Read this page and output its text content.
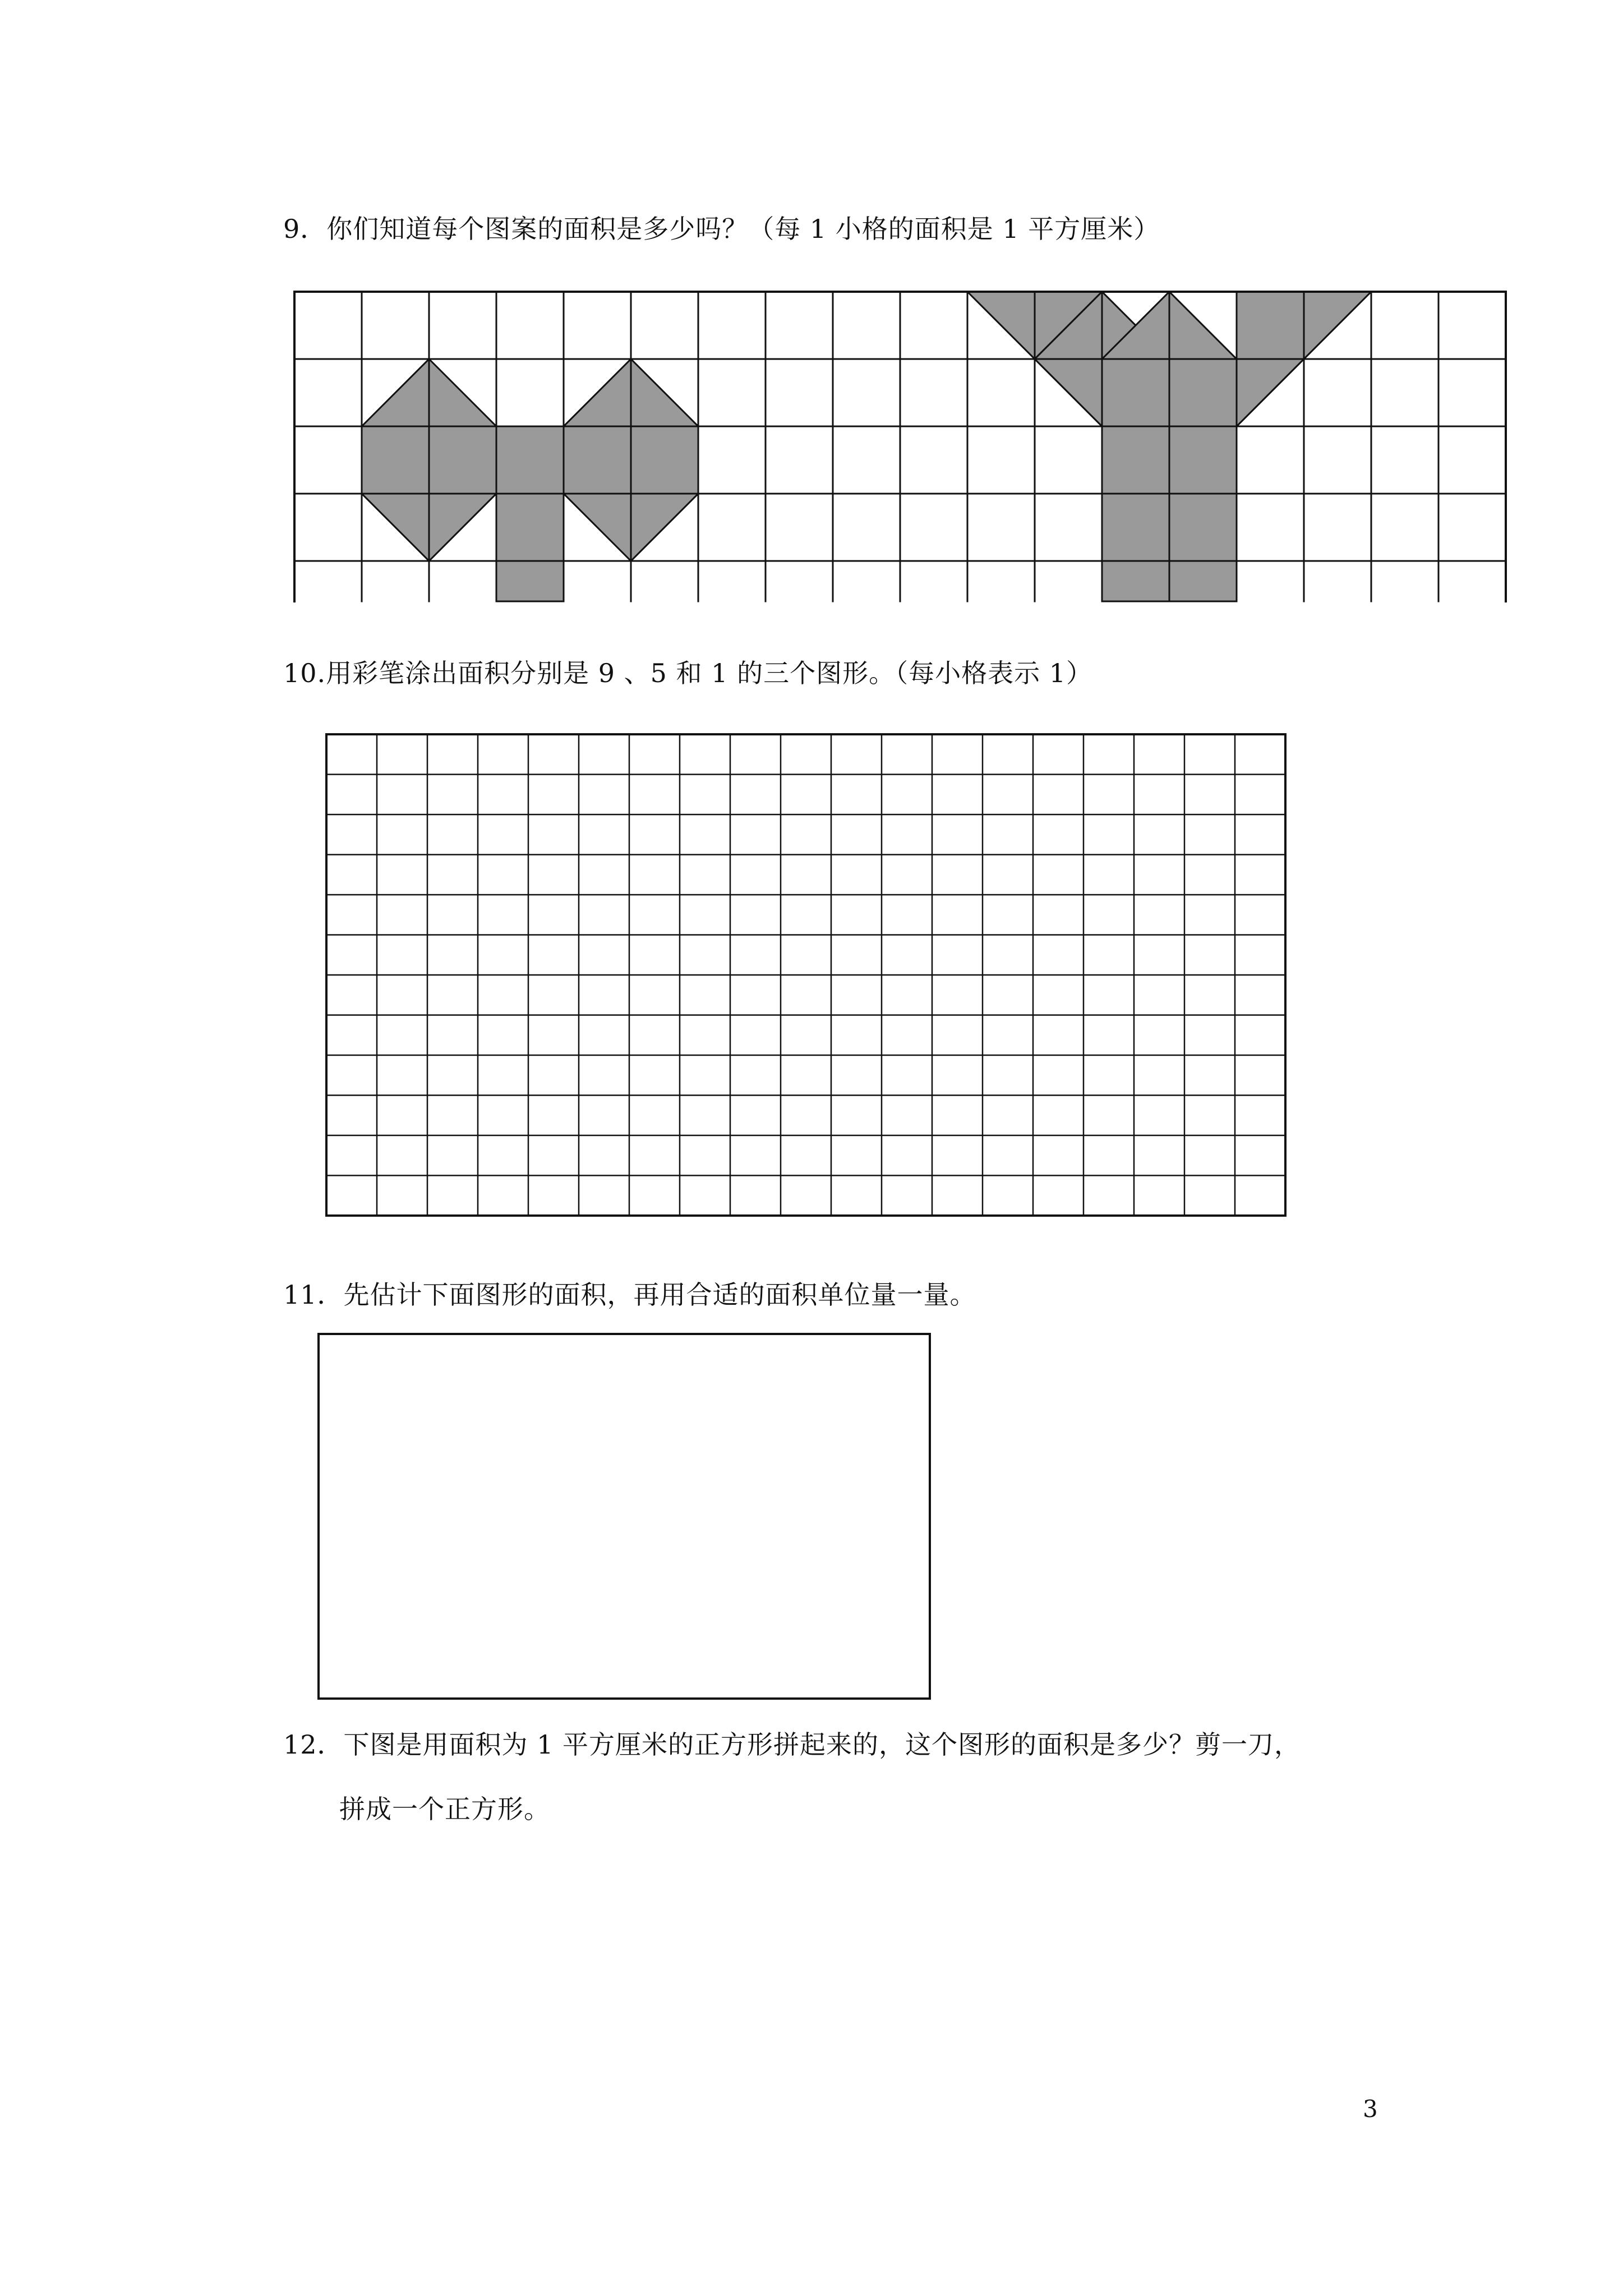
9．你们知道每个图案的面积是多少吗？（每 1 小格的面积是 1 平方厘米）
10.用彩笔涂出面积分别是 9 、5 和 1 的三个图形。（每小格表示 1）
11．先估计下面图形的面积，再用合适的面积单位量一量。
12．下图是用面积为 1 平方厘米的正方形拼起来的，这个图形的面积是多少？剪一刀，
拼成一个正方形。
3
